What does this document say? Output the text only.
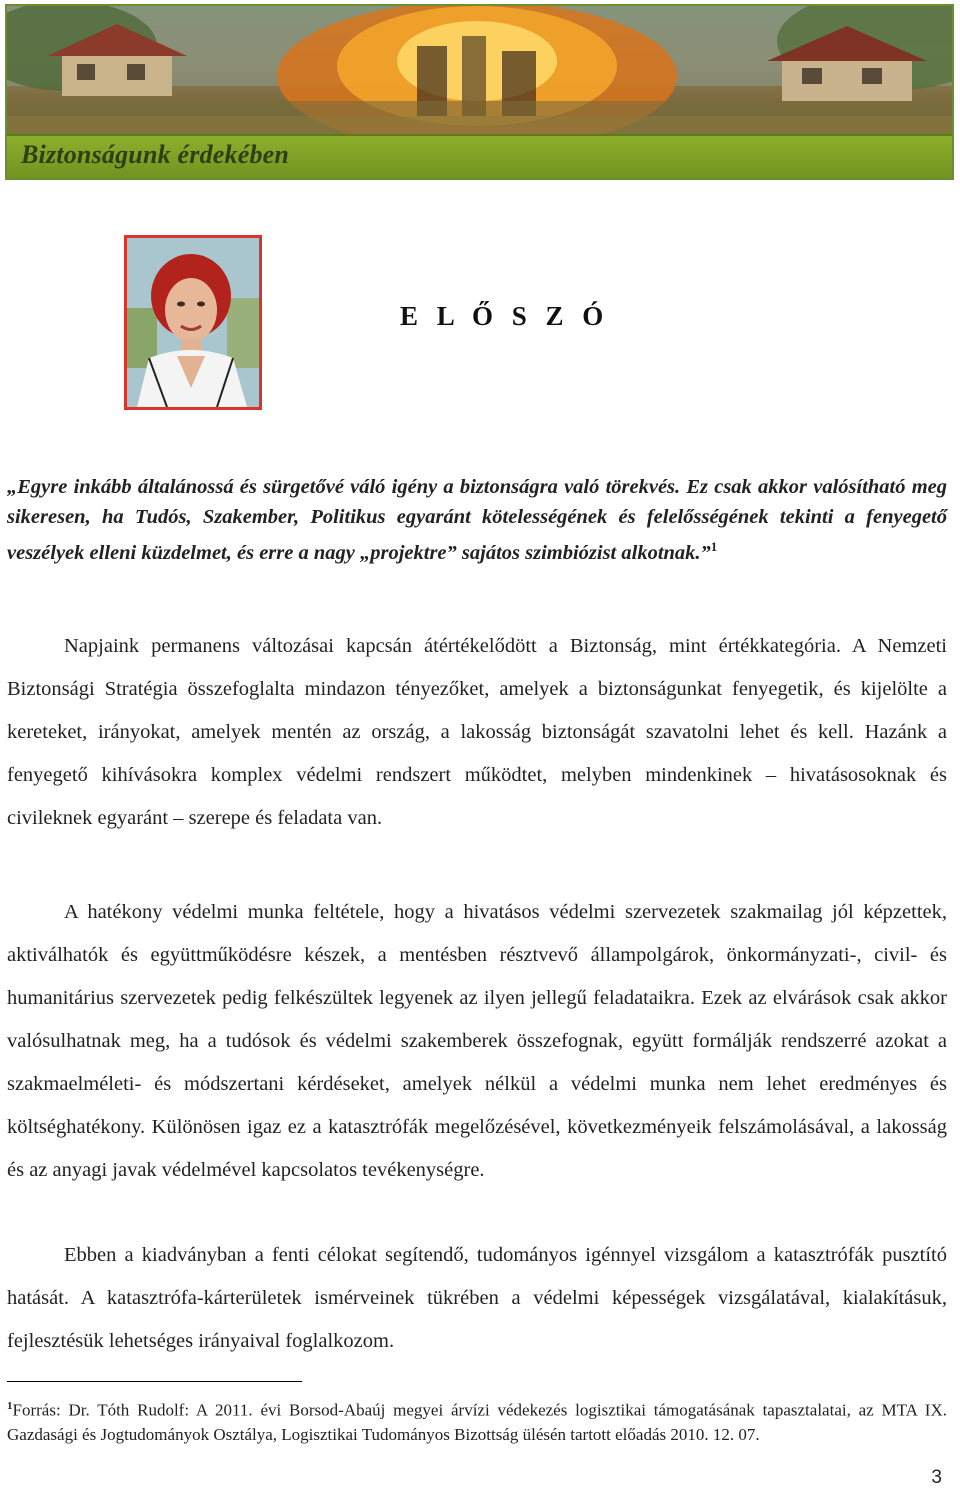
Biztonságunk érdekében
E L Ő S Z Ó
„Egyre inkább általánossá és sürgetővé váló igény a biztonságra való törekvés. Ez csak akkor valósítható meg sikeresen, ha Tudós, Szakember, Politikus egyaránt kötelességének és felelősségének tekinti a fenyegető veszélyek elleni küzdelmet, és erre a nagy „projektre” sajátos szimbiózist alkotnak.”$^1$

Napjaink permanens változásai kapcsán átértékelődött a Biztonság, mint értékkategória. A Nemzeti Biztonsági Stratégia összefoglalta mindazon tényezőket, amelyek a biztonságunkat fenyegetik, és kijelölte a kereteket, irányokat, amelyek mentén az ország, a lakosság biztonságát szavatolni lehet és kell. Hazánk a fenyegető kihívásokra komplex védelmi rendszert működtet, melyben mindenkinek – hivatásosoknak és civileknek egyaránt – szerepe és feladata van.

A hatékony védelmi munka feltétele, hogy a hivatásos védelmi szervezetek szakmailag jól képzettek, aktiválhatók és együttműködésre készek, a mentésben résztvevő állampolgárok, önkormányzati-, civil- és humanitárius szervezetek pedig felkészültek legyenek az ilyen jellegű feladataikra. Ezek az elvárások csak akkor valósulhatnak meg, ha a tudósok és védelmi szakemberek összefognak, együtt formálják rendszerré azokat a szakmaelméleti- és módszertani kérdéseket, amelyek nélkül a védelmi munka nem lehet eredményes és költséghatékony. Különösen igaz ez a katasztrófák megelőzésével, következményeik felszámolásával, a lakosság és az anyagi javak védelmével kapcsolatos tevékenységre.

Ebben a kiadványban a fenti célokat segítendő, tudományos igénnyel vizsgálom a katasztrófák pusztító hatását. A katasztrófa-kárterületek ismérveinek tükrében a védelmi képességek vizsgálatával, kialakításuk, fejlesztésük lehetséges irányaival foglalkozom.

$^1$Forrás: Dr. Tóth Rudolf: A 2011. évi Borsod-Abaúj megyei árvízi védekezés logisztikai támogatásának tapasztalatai, az MTA IX. Gazdasági és Jogtudományok Osztálya, Logisztikai Tudományos Bizottság ülésén tartott előadás 2010. 12. 07.
3
